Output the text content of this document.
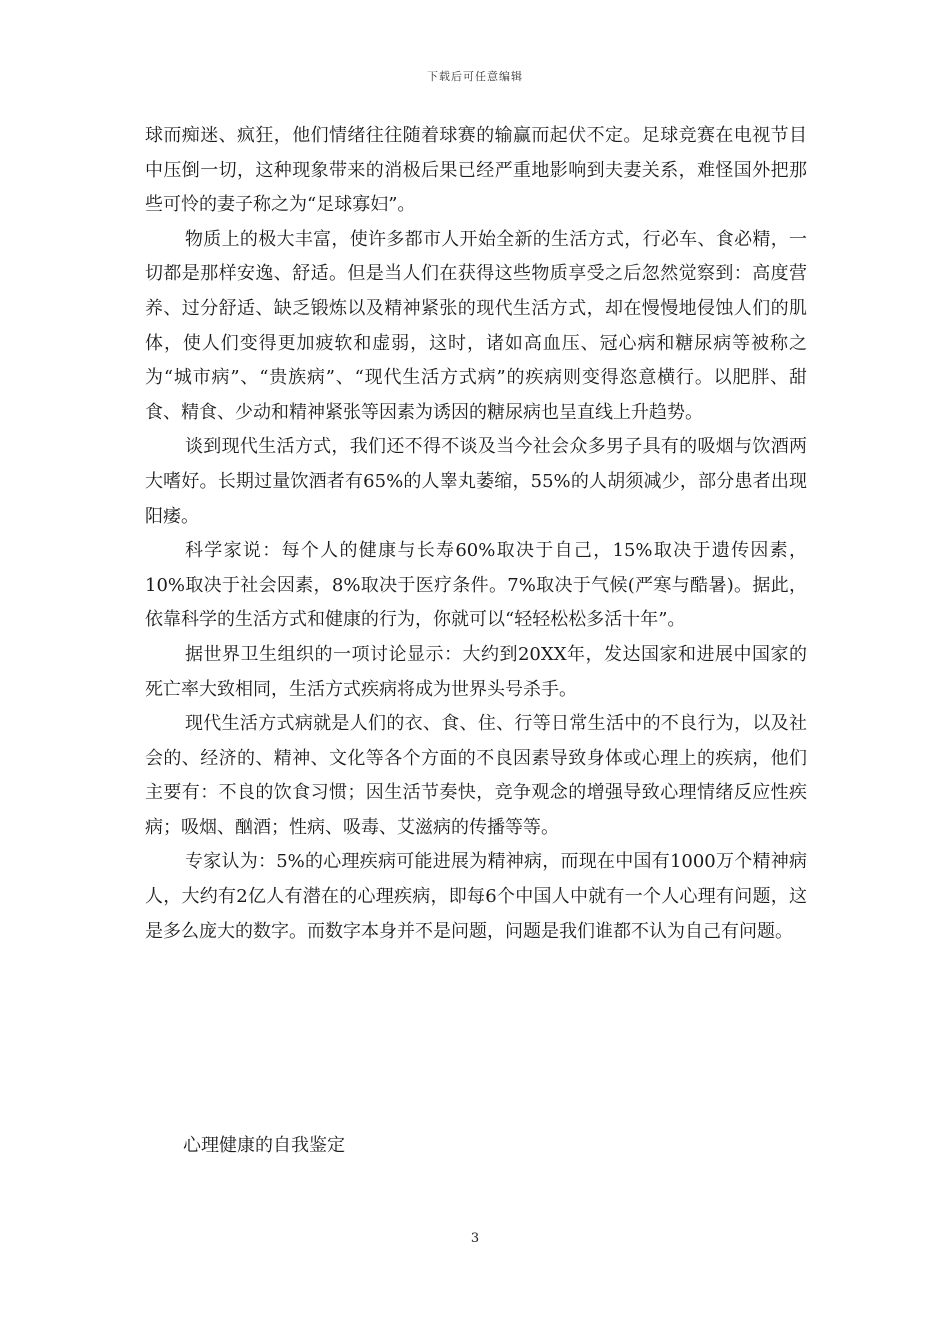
下载后可任意编辑

球而痴迷、疯狂，他们情绪往往随着球赛的输赢而起伏不定。足球竞赛在电视节目中压倒一切，这种现象带来的消极后果已经严重地影响到夫妻关系，难怪国外把那些可怜的妻子称之为“足球寡妇”。

物质上的极大丰富，使许多都市人开始全新的生活方式，行必车、食必精，一切都是那样安逸、舒适。但是当人们在获得这些物质享受之后忽然觉察到：高度营养、过分舒适、缺乏锻炼以及精神紧张的现代生活方式，却在慢慢地侵蚀人们的肌体，使人们变得更加疲软和虚弱，这时，诸如高血压、冠心病和糖尿病等被称之为“城市病”、“贵族病”、“现代生活方式病”的疾病则变得恣意横行。以肥胖、甜食、精食、少动和精神紧张等因素为诱因的糖尿病也呈直线上升趋势。

谈到现代生活方式，我们还不得不谈及当今社会众多男子具有的吸烟与饮酒两大嗜好。长期过量饮酒者有65%的人睾丸萎缩，55%的人胡须减少，部分患者出现阳痿。

科学家说：每个人的健康与长寿60%取决于自己，15%取决于遗传因素，10%取决于社会因素，8%取决于医疗条件。7%取决于气候(严寒与酷暑)。据此，依靠科学的生活方式和健康的行为，你就可以“轻轻松松多活十年”。

据世界卫生组织的一项讨论显示：大约到20XX年，发达国家和进展中国家的死亡率大致相同，生活方式疾病将成为世界头号杀手。

现代生活方式病就是人们的衣、食、住、行等日常生活中的不良行为，以及社会的、经济的、精神、文化等各个方面的不良因素导致身体或心理上的疾病，他们主要有：不良的饮食习惯；因生活节奏快，竞争观念的增强导致心理情绪反应性疾病；吸烟、酗酒；性病、吸毒、艾滋病的传播等等。

专家认为：5%的心理疾病可能进展为精神病，而现在中国有1000万个精神病人，大约有2亿人有潜在的心理疾病，即每6个中国人中就有一个人心理有问题，这是多么庞大的数字。而数字本身并不是问题，问题是我们谁都不认为自己有问题。

心理健康的自我鉴定
3
